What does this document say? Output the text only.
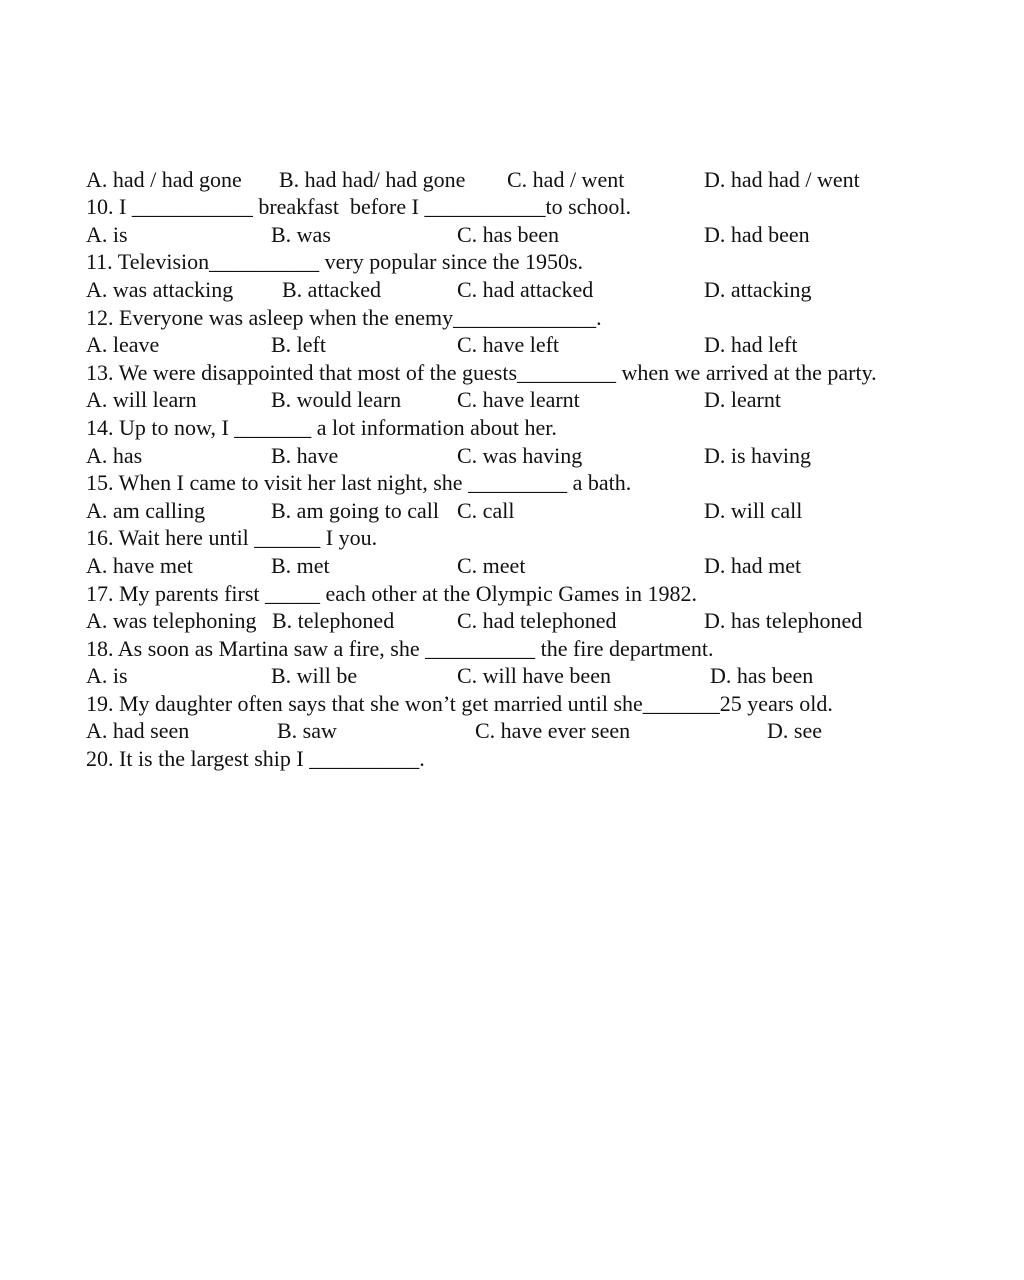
10. I ___________ breakfast  before I ___________to school.

A. had / had gone

B. had had/ had gone

C. had / went

	D. had had / went

11. Television__________ very popular since the 1950s.

A. is

	B. was

	C. has been

	D. had been

12. Everyone was asleep when the enemy_____________.

A. was attacking

B. attacked

	C. had attacked

	D. attacking

13. We were disappointed that most of the guests_________ when we arrived at the party.

A. leave

	B. left

	C. have left

	D. had left

14. Up to now, I _______ a lot information about her.

A. will learn

	B. would learn

	C. have learnt

	D. learnt

15. When I came to visit her last night, she _________ a bath.

A. has

	B. have

	C. was having

	D. is having

16. Wait here until ______ I you.

A. am calling

	B. am going to call

C. call

	D. will call

17. My parents first _____ each other at the Olympic Games in 1982.

A. have met

	B. met

	C. meet

	D. had met

18. As soon as Martina saw a fire, she __________ the fire department.

A. was telephoning

B. telephoned

	C. had telephoned

	D. has telephoned

19. My daughter often says that she won’t get married until she_______25 years old.

A. is

	B. will be

	C. will have been

	D. has been

20. It is the largest ship I __________.

A. had seen

	B. saw

	C. have ever seen

	D. see
